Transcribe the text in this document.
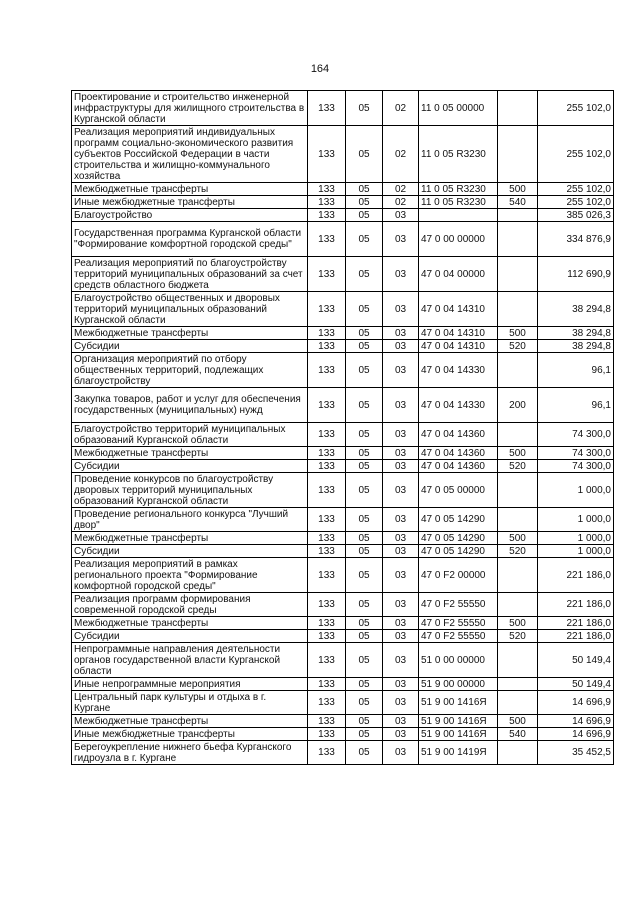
164
Проектирование и строительство инженерной инфраструктуры для жилищного строительства в Курганской области	133	05	02	11 0 05 00000		255 102,0
Реализация мероприятий индивидуальных программ социально-экономического развития субъектов Российской Федерации в части строительства и жилищно-коммунального хозяйства	133	05	02	11 0 05 R3230		255 102,0
Межбюджетные трансферты	133	05	02	11 0 05 R3230	500	255 102,0
Иные межбюджетные трансферты	133	05	02	11 0 05 R3230	540	255 102,0
Благоустройство	133	05	03			385 026,3
Государственная программа Курганской области "Формирование комфортной городской среды"	133	05	03	47 0 00 00000		334 876,9
Реализация мероприятий по благоустройству территорий муниципальных образований за счет средств областного бюджета	133	05	03	47 0 04 00000		112 690,9
Благоустройство общественных и дворовых территорий муниципальных образований Курганской области	133	05	03	47 0 04 14310		38 294,8
Межбюджетные трансферты	133	05	03	47 0 04 14310	500	38 294,8
Субсидии	133	05	03	47 0 04 14310	520	38 294,8
Организация мероприятий по отбору общественных территорий, подлежащих благоустройству	133	05	03	47 0 04 14330		96,1
Закупка товаров, работ и услуг для обеспечения государственных (муниципальных) нужд	133	05	03	47 0 04 14330	200	96,1
Благоустройство территорий муниципальных образований Курганской области	133	05	03	47 0 04 14360		74 300,0
Межбюджетные трансферты	133	05	03	47 0 04 14360	500	74 300,0
Субсидии	133	05	03	47 0 04 14360	520	74 300,0
Проведение конкурсов по благоустройству дворовых территорий муниципальных образований Курганской области	133	05	03	47 0 05 00000		1 000,0
Проведение регионального конкурса "Лучший двор"	133	05	03	47 0 05 14290		1 000,0
Межбюджетные трансферты	133	05	03	47 0 05 14290	500	1 000,0
Субсидии	133	05	03	47 0 05 14290	520	1 000,0
Реализация мероприятий в рамках регионального проекта "Формирование комфортной городской среды"	133	05	03	47 0 F2 00000		221 186,0
Реализация программ формирования современной городской среды	133	05	03	47 0 F2 55550		221 186,0
Межбюджетные трансферты	133	05	03	47 0 F2 55550	500	221 186,0
Субсидии	133	05	03	47 0 F2 55550	520	221 186,0
Непрограммные направления деятельности органов государственной власти Курганской области	133	05	03	51 0 00 00000		50 149,4
Иные непрограммные мероприятия	133	05	03	51 9 00 00000		50 149,4
Центральный парк культуры и отдыха в г. Кургане	133	05	03	51 9 00 1416Я		14 696,9
Межбюджетные трансферты	133	05	03	51 9 00 1416Я	500	14 696,9
Иные межбюджетные трансферты	133	05	03	51 9 00 1416Я	540	14 696,9
Берегоукрепление нижнего бьефа Курганского гидроузла в г. Кургане	133	05	03	51 9 00 1419Я		35 452,5
